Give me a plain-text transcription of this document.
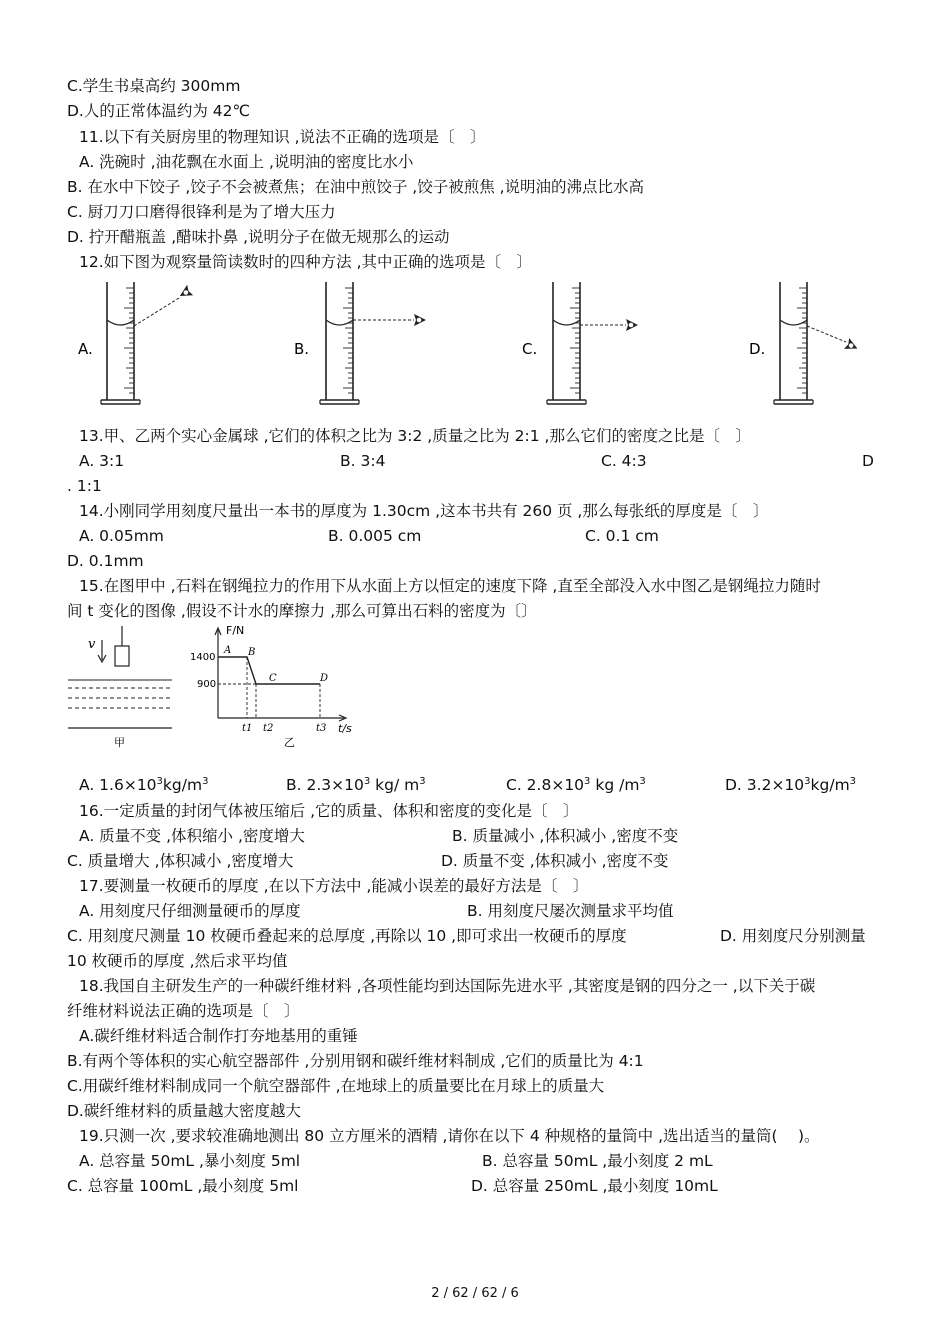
C.学生书桌高约 300mm
D.人的正常体温约为 42℃
11.以下有关厨房里的物理知识 ,说法不正确的选项是〔　〕
A. 洗碗时 ,油花飘在水面上 ,说明油的密度比水小
B. 在水中下饺子 ,饺子不会被煮焦；在油中煎饺子 ,饺子被煎焦 ,说明油的沸点比水高
C. 厨刀刀口磨得很锋利是为了增大压力
D. 拧开醋瓶盖 ,醋味扑鼻 ,说明分子在做无规那么的运动
12.如下图为观察量筒读数时的四种方法 ,其中正确的选项是〔　〕
A.	B.	C.	D.
13.甲、乙两个实心金属球 ,它们的体积之比为 3:2 ,质量之比为 2:1 ,那么它们的密度之比是〔　〕
A. 3:1	B. 3:4	C. 4:3	D
. 1:1
14.小刚同学用刻度尺量出一本书的厚度为 1.30cm ,这本书共有 260 页 ,那么每张纸的厚度是〔　〕
A. 0.05mm	B. 0.005 cm	C. 0.1 cm
D. 0.1mm
15.在图甲中 ,石料在钢绳拉力的作用下从水面上方以恒定的速度下降 ,直至全部没入水中图乙是钢绳拉力随时
间 t 变化的图像 ,假设不计水的摩擦力 ,那么可算出石料的密度为〔〕
v
甲
F/N
t/s
1400
900
A B
C	D
t1 t2	t3
乙
A. $1.6\times 10^3kg/m^3$	B. $2.3\times 10^3$ kg/ $m^3$	C. $2.8\times 10^3$ kg $/m^3$	D. $3.2\times 10^3kg/m^3$
16.一定质量的封闭气体被压缩后 ,它的质量、体积和密度的变化是〔　〕
A. 质量不变 ,体积缩小 ,密度增大	B. 质量减小 ,体积减小 ,密度不变
C. 质量增大 ,体积减小 ,密度增大	D. 质量不变 ,体积减小 ,密度不变
17.要测量一枚硬币的厚度 ,在以下方法中 ,能减小误差的最好方法是〔　〕
A. 用刻度尺仔细测量硬币的厚度	B. 用刻度尺屡次测量求平均值
C. 用刻度尺测量 10 枚硬币叠起来的总厚度 ,再除以 10 ,即可求出一枚硬币的厚度	D. 用刻度尺分别测量
10 枚硬币的厚度 ,然后求平均值
18.我国自主研发生产的一种碳纤维材料 ,各项性能均到达国际先进水平 ,其密度是钢的四分之一 ,以下关于碳
纤维材料说法正确的选项是〔　〕
A.碳纤维材料适合制作打夯地基用的重锤
B.有两个等体积的实心航空器部件 ,分别用钢和碳纤维材料制成 ,它们的质量比为 4:1
C.用碳纤维材料制成同一个航空器部件 ,在地球上的质量要比在月球上的质量大
D.碳纤维材料的质量越大密度越大
19.只测一次 ,要求较准确地测出 80 立方厘米的酒精 ,请你在以下 4 种规格的量筒中 ,选出适当的量筒(　 )。
A. 总容量 50mL ,暴小刻度 5ml	B. 总容量 50mL ,最小刻度 2 mL
C. 总容量 100mL ,最小刻度 5ml	D. 总容量 250mL ,最小刻度 10mL
2 / 62 / 62 / 6
